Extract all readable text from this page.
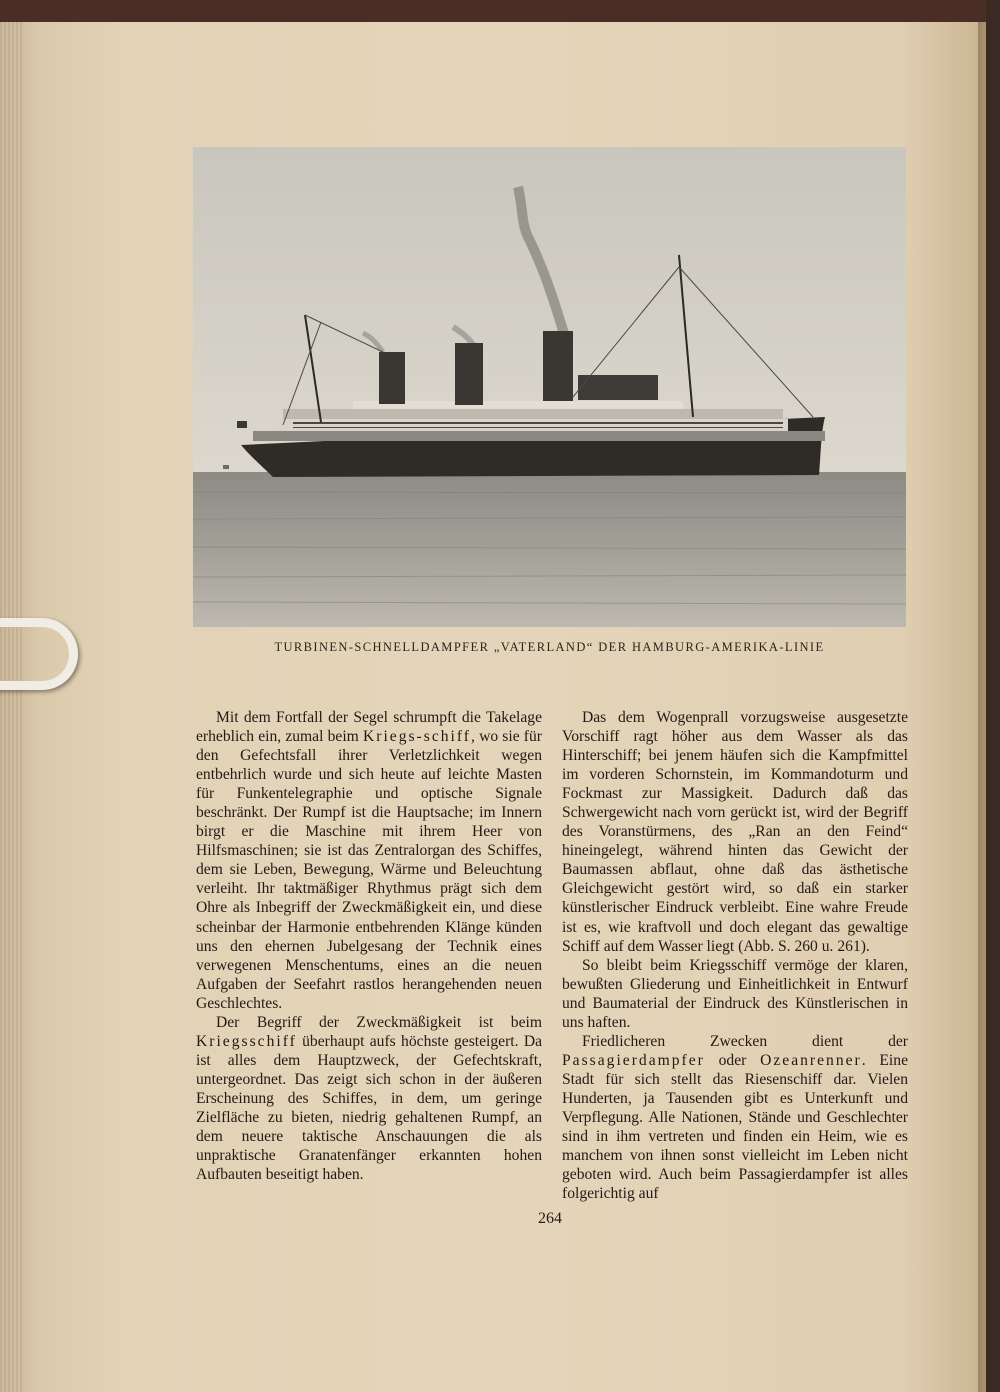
TURBINEN-SCHNELLDAMPFER „VATERLAND“ DER HAMBURG-AMERIKA-LINIE

Mit dem Fortfall der Segel schrumpft die Takelage erheblich ein, zumal beim Kriegs-schiff, wo sie für den Gefechtsfall ihrer Verletzlichkeit wegen entbehrlich wurde und sich heute auf leichte Masten für Funkentelegraphie und optische Signale beschränkt. Der Rumpf ist die Hauptsache; im Innern birgt er die Maschine mit ihrem Heer von Hilfsmaschinen; sie ist das Zentralorgan des Schiffes, dem sie Leben, Bewegung, Wärme und Beleuchtung verleiht. Ihr taktmäßiger Rhythmus prägt sich dem Ohre als Inbegriff der Zweckmäßigkeit ein, und diese scheinbar der Harmonie entbehrenden Klänge künden uns den ehernen Jubelgesang der Technik eines verwegenen Menschentums, eines an die neuen Aufgaben der Seefahrt rastlos herangehenden neuen Geschlechtes.

Der Begriff der Zweckmäßigkeit ist beim Kriegsschiff überhaupt aufs höchste gesteigert. Da ist alles dem Hauptzweck, der Gefechtskraft, untergeordnet. Das zeigt sich schon in der äußeren Erscheinung des Schiffes, in dem, um geringe Zielfläche zu bieten, niedrig gehaltenen Rumpf, an dem neuere taktische Anschauungen die als unpraktische Granatenfänger erkannten hohen Aufbauten beseitigt haben.

Das dem Wogenprall vorzugsweise ausgesetzte Vorschiff ragt höher aus dem Wasser als das Hinterschiff; bei jenem häufen sich die Kampfmittel im vorderen Schornstein, im Kommandoturm und Fockmast zur Massigkeit. Dadurch daß das Schwergewicht nach vorn gerückt ist, wird der Begriff des Voranstürmens, des „Ran an den Feind“ hineingelegt, während hinten das Gewicht der Baumassen abflaut, ohne daß das ästhetische Gleichgewicht gestört wird, so daß ein starker künstlerischer Eindruck verbleibt. Eine wahre Freude ist es, wie kraftvoll und doch elegant das gewaltige Schiff auf dem Wasser liegt (Abb. S. 260 u. 261).

So bleibt beim Kriegsschiff vermöge der klaren, bewußten Gliederung und Einheitlichkeit in Entwurf und Baumaterial der Eindruck des Künstlerischen in uns haften.

Friedlicheren Zwecken dient der Passagierdampfer oder Ozeanrenner. Eine Stadt für sich stellt das Riesenschiff dar. Vielen Hunderten, ja Tausenden gibt es Unterkunft und Verpflegung. Alle Nationen, Stände und Geschlechter sind in ihm vertreten und finden ein Heim, wie es manchem von ihnen sonst vielleicht im Leben nicht geboten wird. Auch beim Passagierdampfer ist alles folgerichtig auf

264
